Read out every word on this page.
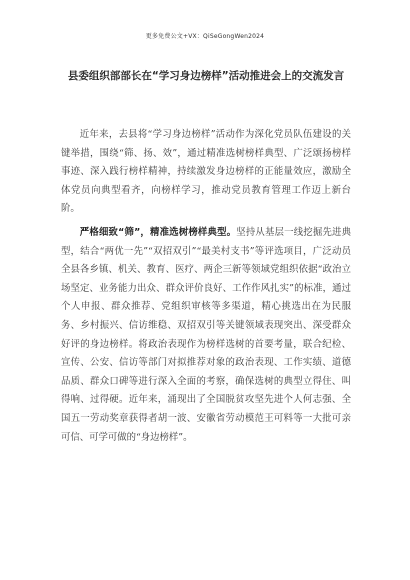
更多免费公文+VX：QiSeGongWen2024
县委组织部部长在“学习身边榜样”活动推进会上的交流发言

近年来，去县将“学习身边榜样”活动作为深化党员队伍建设的关键举措，围绕“筛、扬、效”，通过精准选树榜样典型、广泛颂扬榜样事迹、深入践行榜样精神，持续激发身边榜样的正能量效应，激励全体党员向典型看齐，向榜样学习，推动党员教育管理工作迈上新台阶。

严格细致“筛”，精准选树榜样典型。坚持从基层一线挖掘先进典型，结合“两优一先”“双招双引”“最美村支书”等评选项目，广泛动员全县各乡镇、机关、教育、医疗、两企三新等领域党组织依据“政治立场坚定、业务能力出众、群众评价良好、工作作风扎实”的标准，通过个人申报、群众推荐、党组织审核等多渠道，精心挑选出在为民服务、乡村振兴、信访维稳、双招双引等关键领域表现突出、深受群众好评的身边榜样。将政治表现作为榜样选树的首要考量，联合纪检、宣传、公安、信访等部门对拟推荐对象的政治表现、工作实绩、道德品质、群众口碑等进行深入全面的考察，确保选树的典型立得住、叫得响、过得硬。近年来，涌现出了全国脱贫攻坚先进个人何志强、全国五一劳动奖章获得者胡一波、安徽省劳动模范王可料等一大批可亲可信、可学可做的“身边榜样”。
